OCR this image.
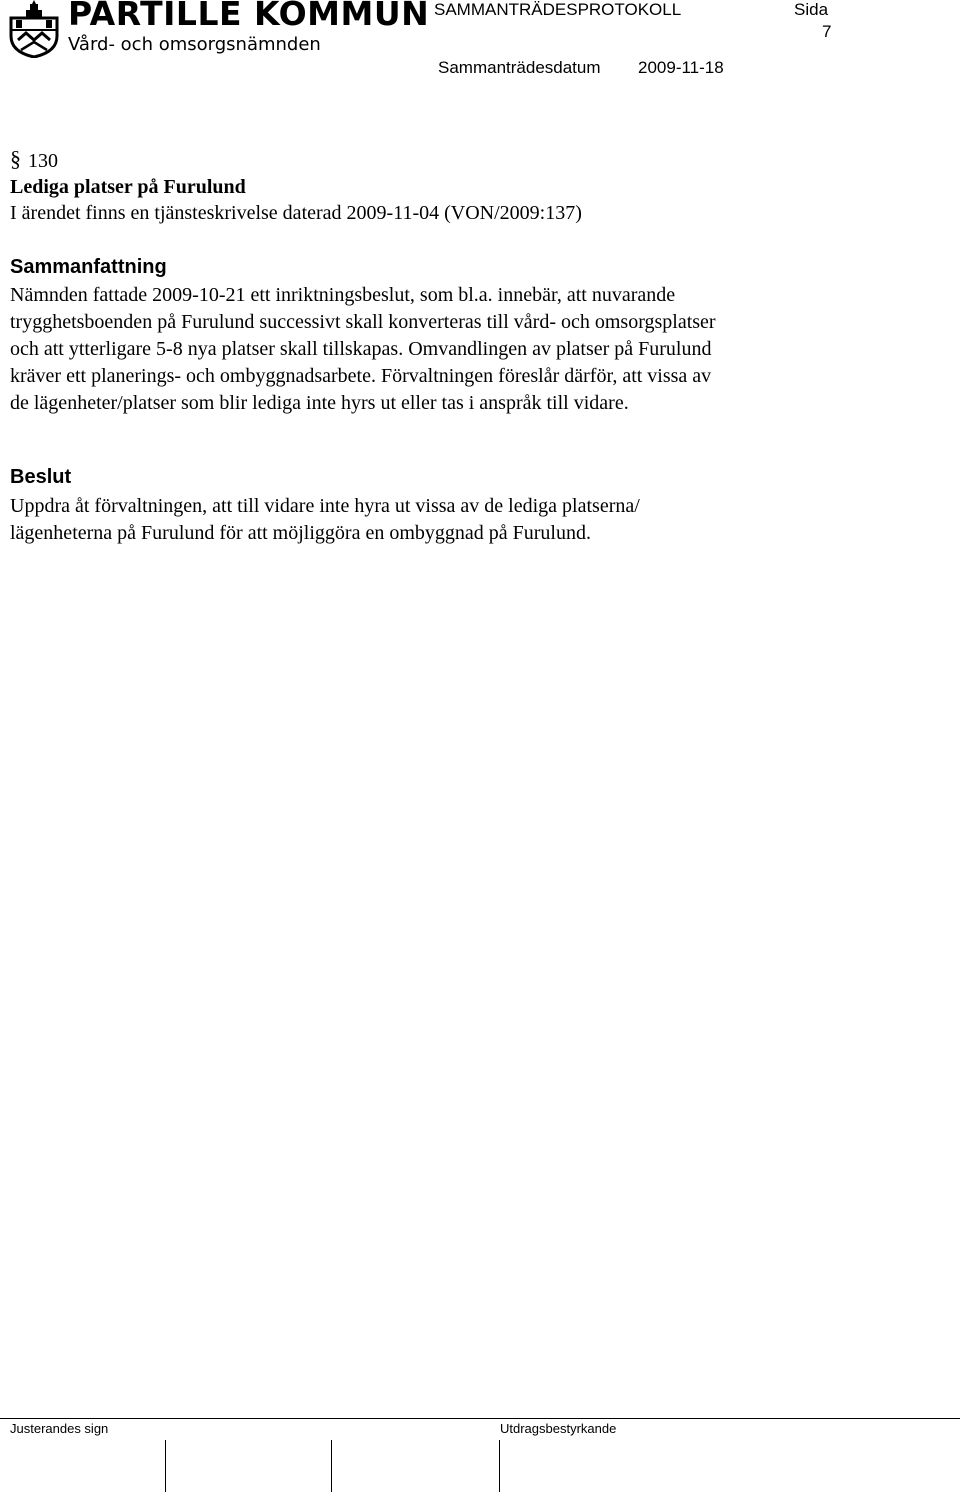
PARTILLE KOMMUN
Vård- och omsorgsnämnden
SAMMANTRÄDESPROTOKOLL	Sida
7
Sammanträdesdatum 2009-11-18
§ 130
Lediga platser på Furulund
I ärendet finns en tjänsteskrivelse daterad 2009-11-04 (VON/2009:137)
Sammanfattning
Nämnden fattade 2009-10-21 ett inriktningsbeslut, som bl.a. innebär, att nuvarande
trygghetsboenden på Furulund successivt skall konverteras till vård- och omsorgsplatser
och att ytterligare 5-8 nya platser skall tillskapas. Omvandlingen av platser på Furulund
kräver ett planerings- och ombyggnadsarbete. Förvaltningen föreslår därför, att vissa av
de lägenheter/platser som blir lediga inte hyrs ut eller tas i anspråk till vidare.
Beslut
Uppdra åt förvaltningen, att till vidare inte hyra ut vissa av de lediga platserna/
lägenheterna på Furulund för att möjliggöra en ombyggnad på Furulund.
Justerandes sign	Utdragsbestyrkande
